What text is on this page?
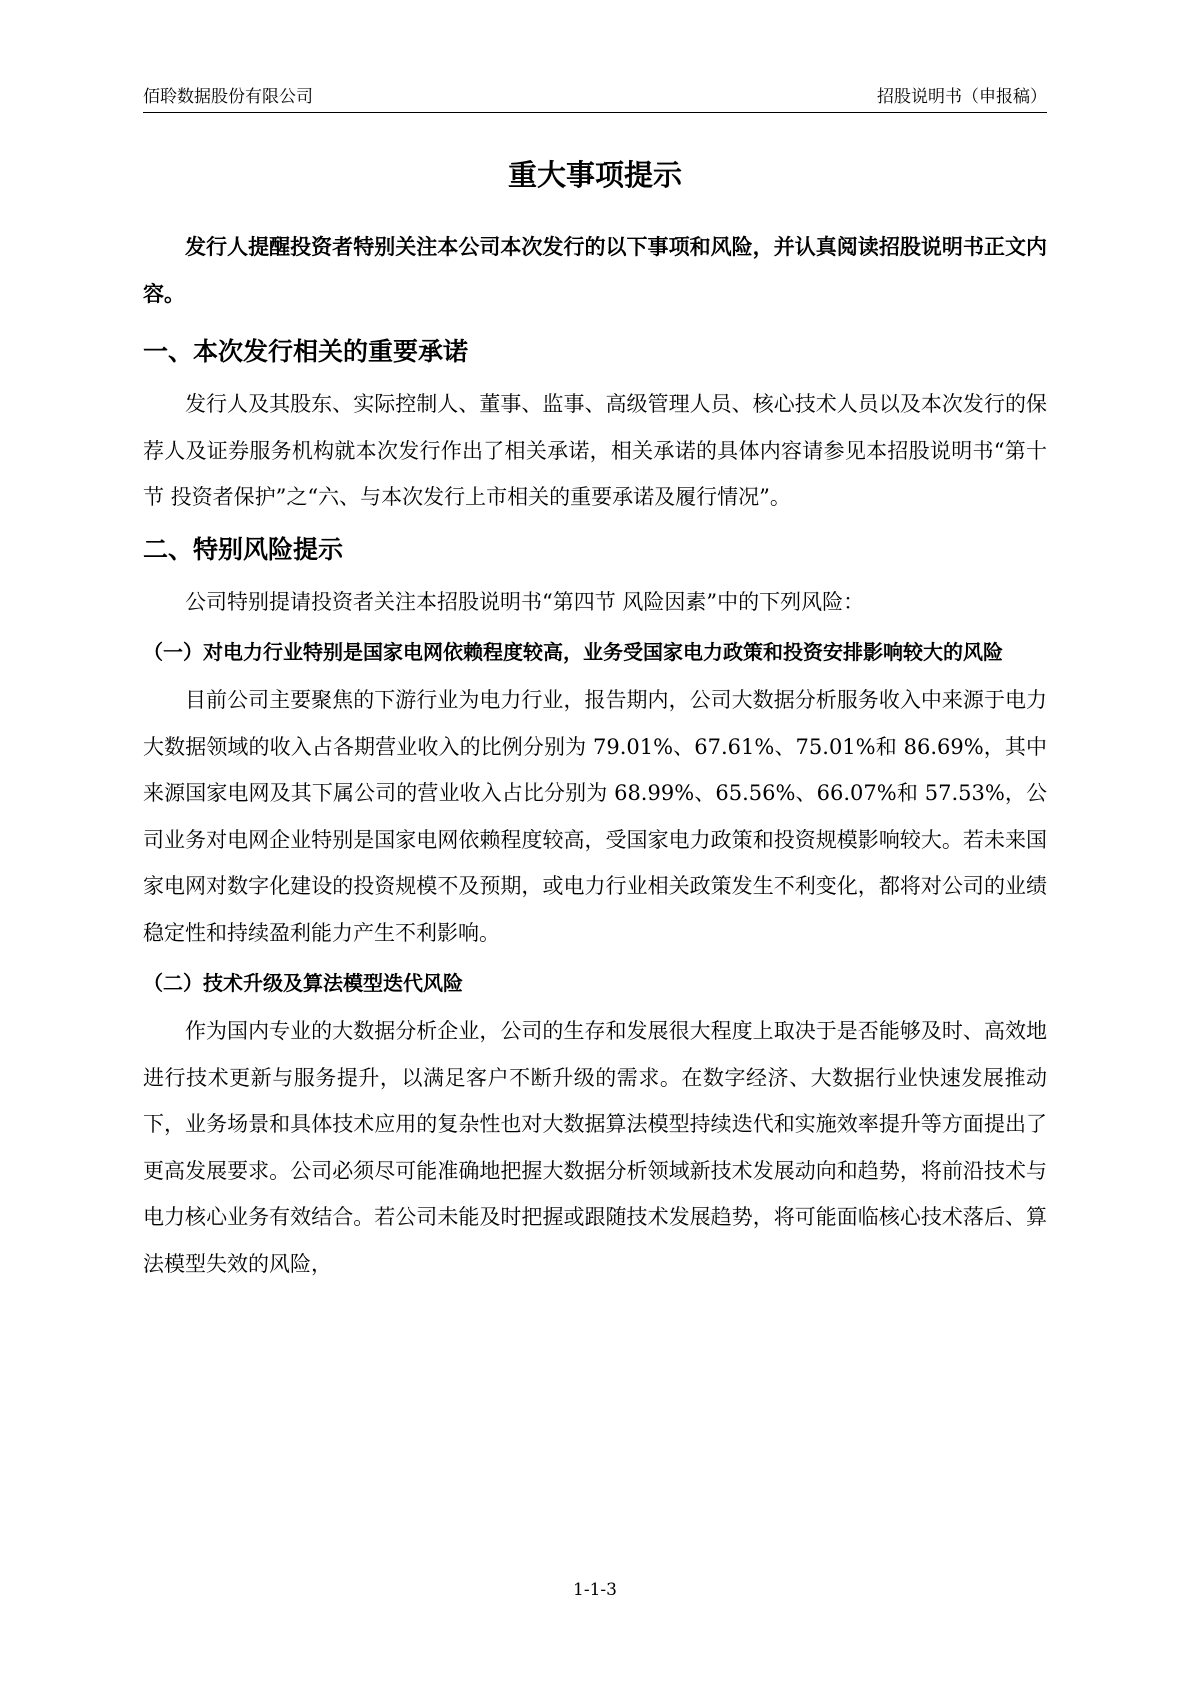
佰聆数据股份有限公司	招股说明书（申报稿）
重大事项提示

发行人提醒投资者特别关注本公司本次发行的以下事项和风险，并认真阅读招股说明书正文内容。

一、本次发行相关的重要承诺

发行人及其股东、实际控制人、董事、监事、高级管理人员、核心技术人员以及本次发行的保荐人及证券服务机构就本次发行作出了相关承诺，相关承诺的具体内容请参见本招股说明书“第十节 投资者保护”之“六、与本次发行上市相关的重要承诺及履行情况”。

二、特别风险提示

公司特别提请投资者关注本招股说明书“第四节 风险因素”中的下列风险：

（一）对电力行业特别是国家电网依赖程度较高，业务受国家电力政策和投资安排影响较大的风险

目前公司主要聚焦的下游行业为电力行业，报告期内，公司大数据分析服务收入中来源于电力大数据领域的收入占各期营业收入的比例分别为 79.01%、67.61%、75.01%和 86.69%，其中来源国家电网及其下属公司的营业收入占比分别为 68.99%、65.56%、66.07%和 57.53%，公司业务对电网企业特别是国家电网依赖程度较高，受国家电力政策和投资规模影响较大。若未来国家电网对数字化建设的投资规模不及预期，或电力行业相关政策发生不利变化，都将对公司的业绩稳定性和持续盈利能力产生不利影响。

（二）技术升级及算法模型迭代风险

作为国内专业的大数据分析企业，公司的生存和发展很大程度上取决于是否能够及时、高效地进行技术更新与服务提升，以满足客户不断升级的需求。在数字经济、大数据行业快速发展推动下，业务场景和具体技术应用的复杂性也对大数据算法模型持续迭代和实施效率提升等方面提出了更高发展要求。公司必须尽可能准确地把握大数据分析领域新技术发展动向和趋势，将前沿技术与电力核心业务有效结合。若公司未能及时把握或跟随技术发展趋势，将可能面临核心技术落后、算法模型失效的风险，

1-1-3
